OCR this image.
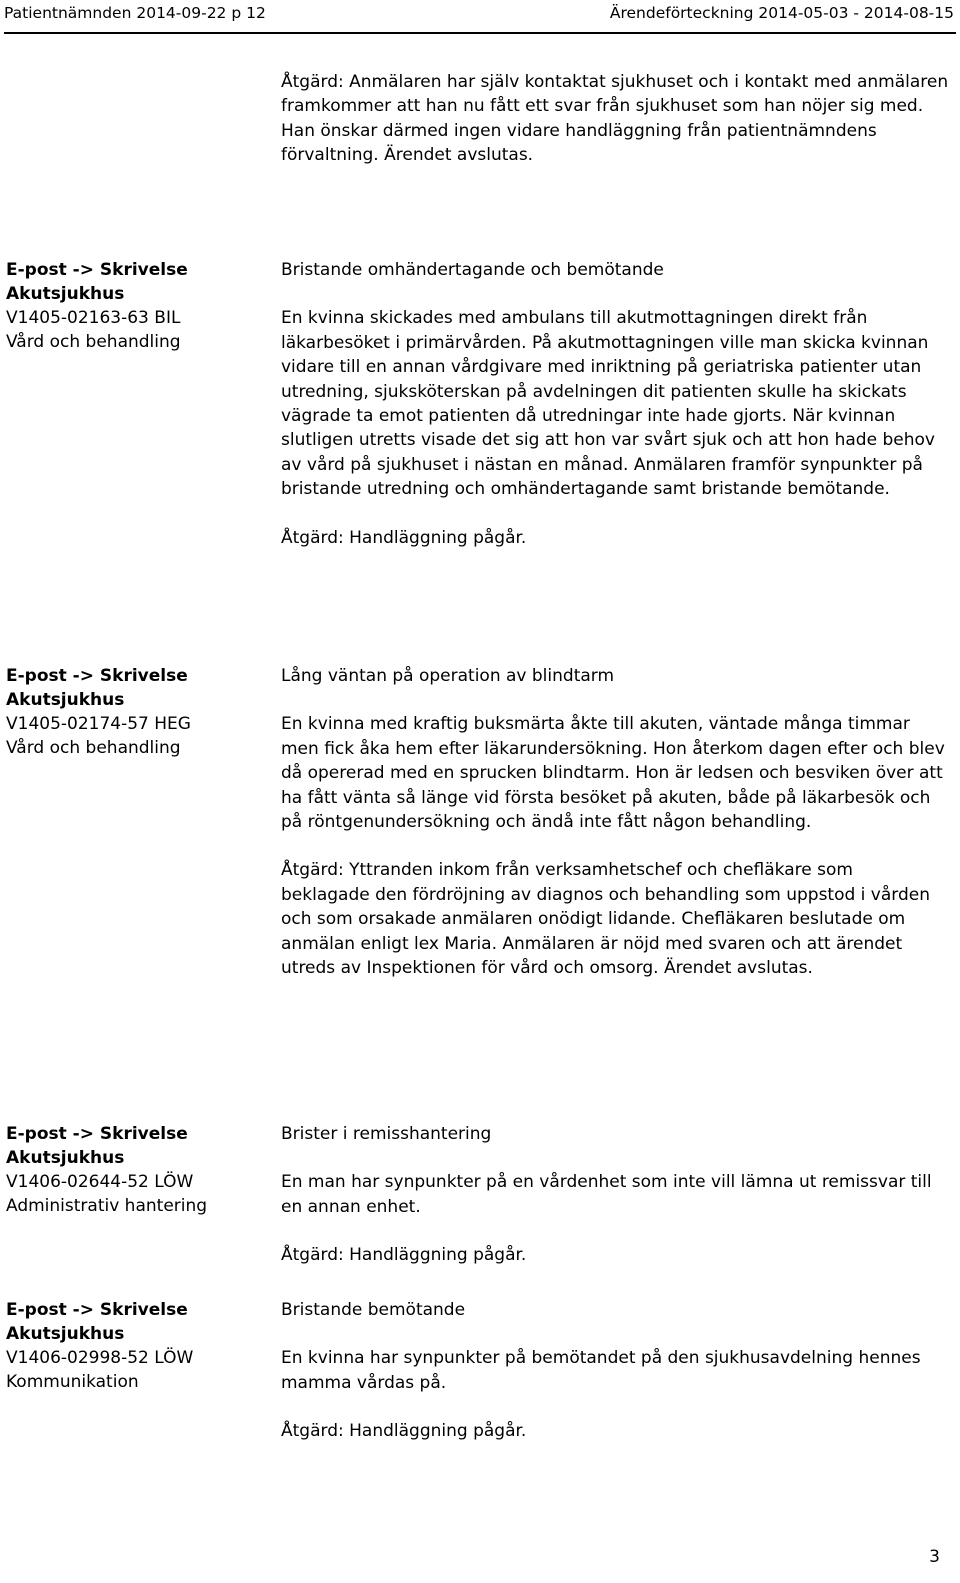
Patientnämnden 2014-09-22 p 12	Ärendeförteckning 2014-05-03 - 2014-08-15

Åtgärd: Anmälaren har själv kontaktat sjukhuset och i kontakt med anmälaren framkommer att han nu fått ett svar från sjukhuset som han nöjer sig med. Han önskar därmed ingen vidare handläggning från patientnämndens förvaltning. Ärendet avslutas.

E-post -> Skrivelse
Akutsjukhus
V1405-02163-63 BIL
Vård och behandling

Bristande omhändertagande och bemötande

En kvinna skickades med ambulans till akutmottagningen direkt från läkarbesöket i primärvården. På akutmottagningen ville man skicka kvinnan vidare till en annan vårdgivare med inriktning på geriatriska patienter utan utredning, sjuksköterskan på avdelningen dit patienten skulle ha skickats vägrade ta emot patienten då utredningar inte hade gjorts. När kvinnan slutligen utretts visade det sig att hon var svårt sjuk och att hon hade behov av vård på sjukhuset i nästan en månad. Anmälaren framför synpunkter på bristande utredning och omhändertagande samt bristande bemötande.

Åtgärd: Handläggning pågår.

E-post -> Skrivelse
Akutsjukhus
V1405-02174-57 HEG
Vård och behandling

Lång väntan på operation av blindtarm

En kvinna med kraftig buksmärta åkte till akuten, väntade många timmar men fick åka hem efter läkarundersökning. Hon återkom dagen efter och blev då opererad med en sprucken blindtarm. Hon är ledsen och besviken över att ha fått vänta så länge vid första besöket på akuten, både på läkarbesök och på röntgenundersökning och ändå inte fått någon behandling.

Åtgärd: Yttranden inkom från verksamhetschef och chefläkare som beklagade den fördröjning av diagnos och behandling som uppstod i vården och som orsakade anmälaren onödigt lidande. Chefläkaren beslutade om anmälan enligt lex Maria. Anmälaren är nöjd med svaren och att ärendet utreds av Inspektionen för vård och omsorg. Ärendet avslutas.

E-post -> Skrivelse
Akutsjukhus
V1406-02644-52 LÖW
Administrativ hantering

Brister i remisshantering

En man har synpunkter på en vårdenhet som inte vill lämna ut remissvar till en annan enhet.

Åtgärd: Handläggning pågår.

E-post -> Skrivelse
Akutsjukhus
V1406-02998-52 LÖW
Kommunikation

Bristande bemötande

En kvinna har synpunkter på bemötandet på den sjukhusavdelning hennes mamma vårdas på.

Åtgärd: Handläggning pågår.

3
